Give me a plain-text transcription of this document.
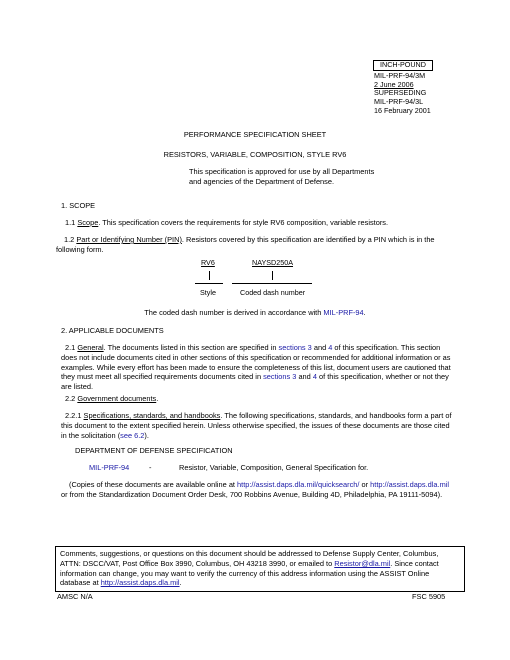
INCH-POUND
MIL-PRF-94/3M
2 June 2006
SUPERSEDING
MIL-PRF-94/3L
16 February 2001

PERFORMANCE SPECIFICATION SHEET

RESISTORS, VARIABLE, COMPOSITION, STYLE RV6

This specification is approved for use by all Departments
and agencies of the Department of Defense.

1. SCOPE

1.1 Scope. This specification covers the requirements for style RV6 composition, variable resistors.

1.2 Part or Identifying Number (PIN). Resistors covered by this specification are identified by a PIN which is in the following form.

RV6	NAYSD250A
Style	Coded dash number

The coded dash number is derived in accordance with MIL-PRF-94.

2. APPLICABLE DOCUMENTS

2.1 General. The documents listed in this section are specified in sections 3 and 4 of this specification. This section does not include documents cited in other sections of this specification or recommended for additional information or as examples. While every effort has been made to ensure the completeness of this list, document users are cautioned that they must meet all specified requirements documents cited in sections 3 and 4 of this specification, whether or not they are listed.

2.2 Government documents.

2.2.1 Specifications, standards, and handbooks. The following specifications, standards, and handbooks form a part of this document to the extent specified herein. Unless otherwise specified, the issues of these documents are those cited in the solicitation (see 6.2).

DEPARTMENT OF DEFENSE SPECIFICATION

MIL-PRF-94	-	Resistor, Variable, Composition, General Specification for.

(Copies of these documents are available online at http://assist.daps.dla.mil/quicksearch/ or http://assist.daps.dla.mil or from the Standardization Document Order Desk, 700 Robbins Avenue, Building 4D, Philadelphia, PA 19111-5094).

Comments, suggestions, or questions on this document should be addressed to Defense Supply Center, Columbus, ATTN: DSCC/VAT, Post Office Box 3990, Columbus, OH 43218 3990, or emailed to Resistor@dla.mil. Since contact information can change, you may want to verify the currency of this address information using the ASSIST Online database at http://assist.daps.dla.mil.
AMSC N/A	FSC 5905
